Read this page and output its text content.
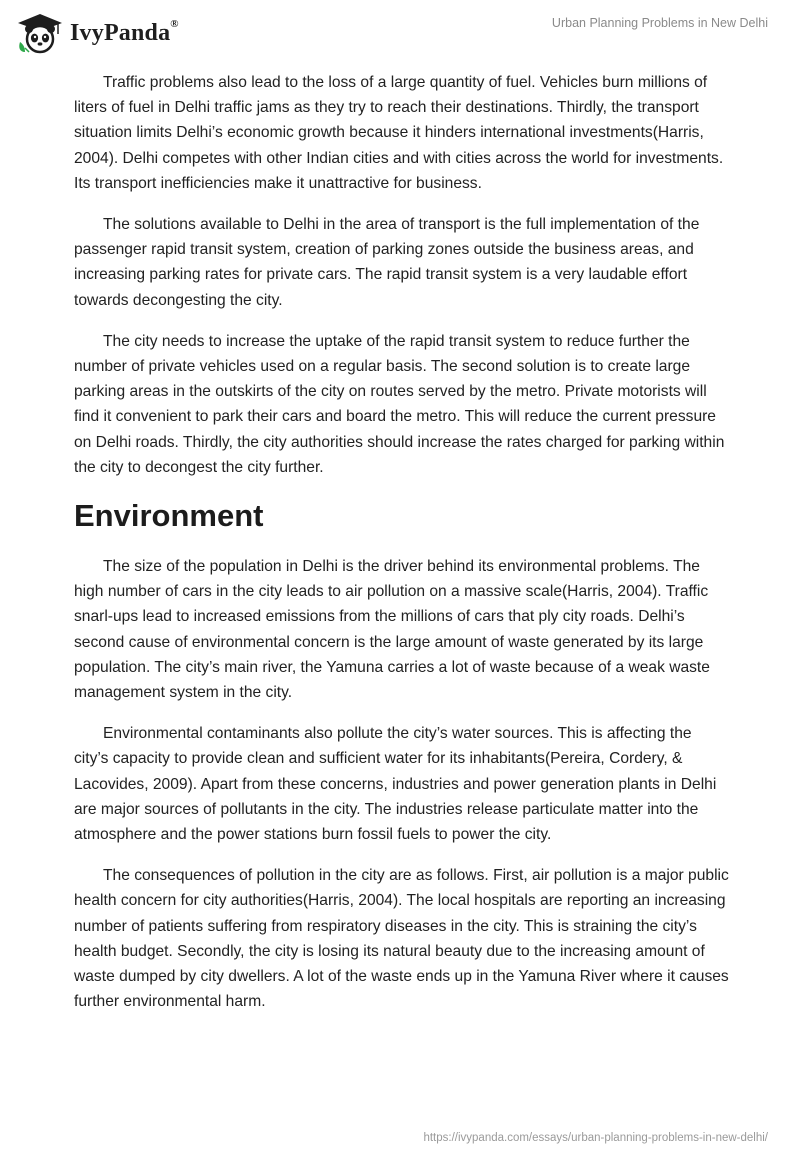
IvyPanda®	Urban Planning Problems in New Delhi

Traffic problems also lead to the loss of a large quantity of fuel. Vehicles burn millions of liters of fuel in Delhi traffic jams as they try to reach their destinations. Thirdly, the transport situation limits Delhi’s economic growth because it hinders international investments(Harris, 2004). Delhi competes with other Indian cities and with cities across the world for investments. Its transport inefficiencies make it unattractive for business.

The solutions available to Delhi in the area of transport is the full implementation of the passenger rapid transit system, creation of parking zones outside the business areas, and increasing parking rates for private cars. The rapid transit system is a very laudable effort towards decongesting the city.

The city needs to increase the uptake of the rapid transit system to reduce further the number of private vehicles used on a regular basis. The second solution is to create large parking areas in the outskirts of the city on routes served by the metro. Private motorists will find it convenient to park their cars and board the metro. This will reduce the current pressure on Delhi roads. Thirdly, the city authorities should increase the rates charged for parking within the city to decongest the city further.

Environment

The size of the population in Delhi is the driver behind its environmental problems. The high number of cars in the city leads to air pollution on a massive scale(Harris, 2004). Traffic snarl-ups lead to increased emissions from the millions of cars that ply city roads. Delhi’s second cause of environmental concern is the large amount of waste generated by its large population. The city’s main river, the Yamuna carries a lot of waste because of a weak waste management system in the city.

Environmental contaminants also pollute the city’s water sources. This is affecting the city’s capacity to provide clean and sufficient water for its inhabitants(Pereira, Cordery, & Lacovides, 2009). Apart from these concerns, industries and power generation plants in Delhi are major sources of pollutants in the city. The industries release particulate matter into the atmosphere and the power stations burn fossil fuels to power the city.

The consequences of pollution in the city are as follows. First, air pollution is a major public health concern for city authorities(Harris, 2004). The local hospitals are reporting an increasing number of patients suffering from respiratory diseases in the city. This is straining the city’s health budget. Secondly, the city is losing its natural beauty due to the increasing amount of waste dumped by city dwellers. A lot of the waste ends up in the Yamuna River where it causes further environmental harm.

https://ivypanda.com/essays/urban-planning-problems-in-new-delhi/
